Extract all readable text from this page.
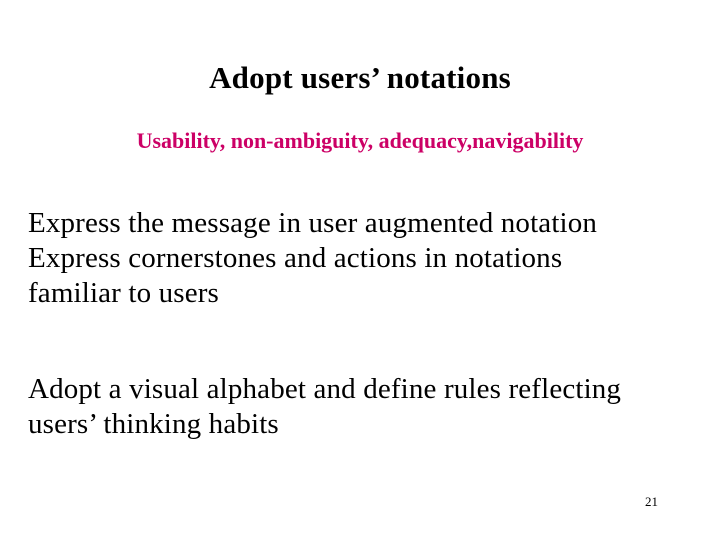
Adopt users’ notations
Usability, non-ambiguity, adequacy,navigability
Express the message in user augmented notation
Express cornerstones and actions in notations
familiar to users
Adopt a visual alphabet and define rules reflecting
users’ thinking habits
21
